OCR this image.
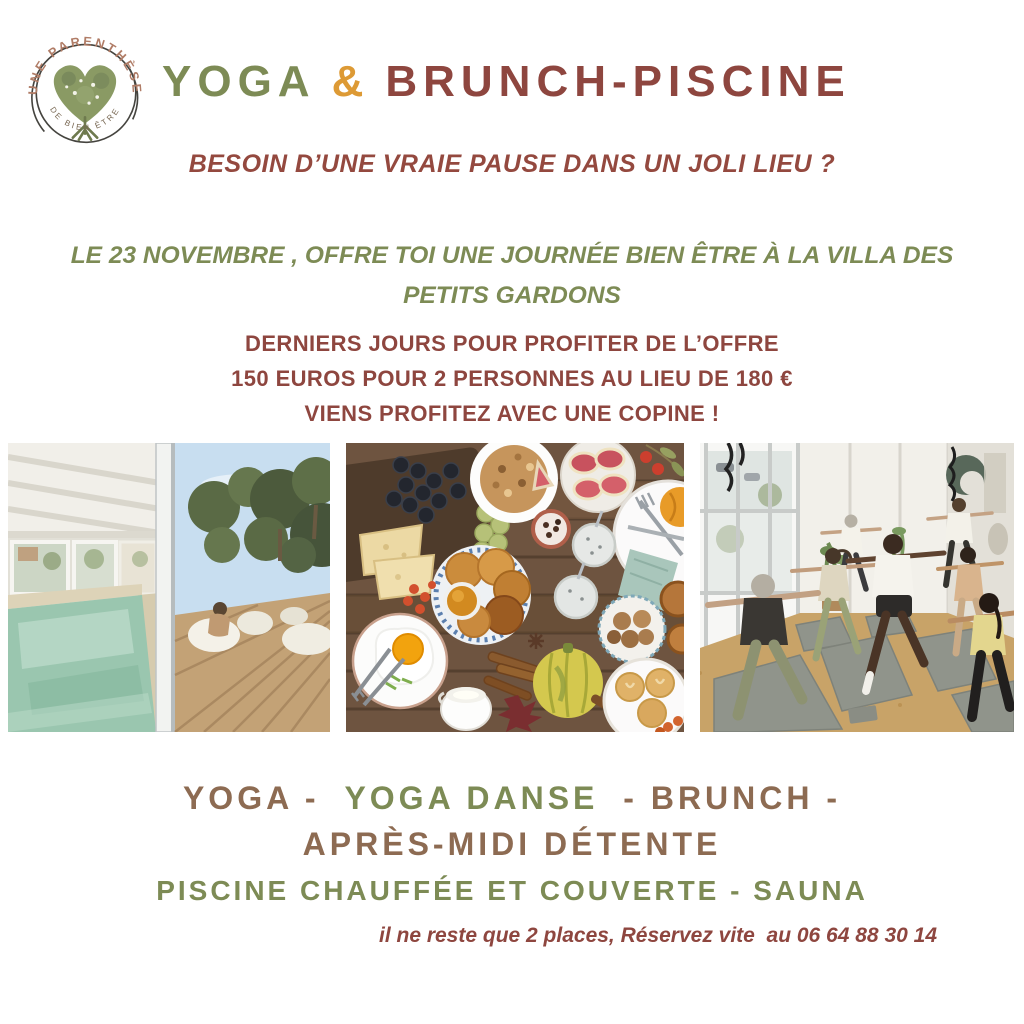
UNE PARENTHÈSE
DE BIEN ÊTRE
YOGA & BRUNCH-PISCINE
BESOIN D’UNE VRAIE PAUSE DANS UN JOLI LIEU ?
LE 23 NOVEMBRE , OFFRE TOI UNE JOURNÉE BIEN ÊTRE À LA VILLA DES
PETITS GARDONS
DERNIERS JOURS POUR PROFITER DE L’OFFRE
150 EUROS POUR 2 PERSONNES AU LIEU DE 180 €
VIENS PROFITEZ AVEC UNE COPINE !
YOGA - YOGA DANSE - BRUNCH -
APRÈS-MIDI DÉTENTE
PISCINE CHAUFFÉE ET COUVERTE - SAUNA
il ne reste que 2 places, Réservez vite  au 06 64 88 30 14
